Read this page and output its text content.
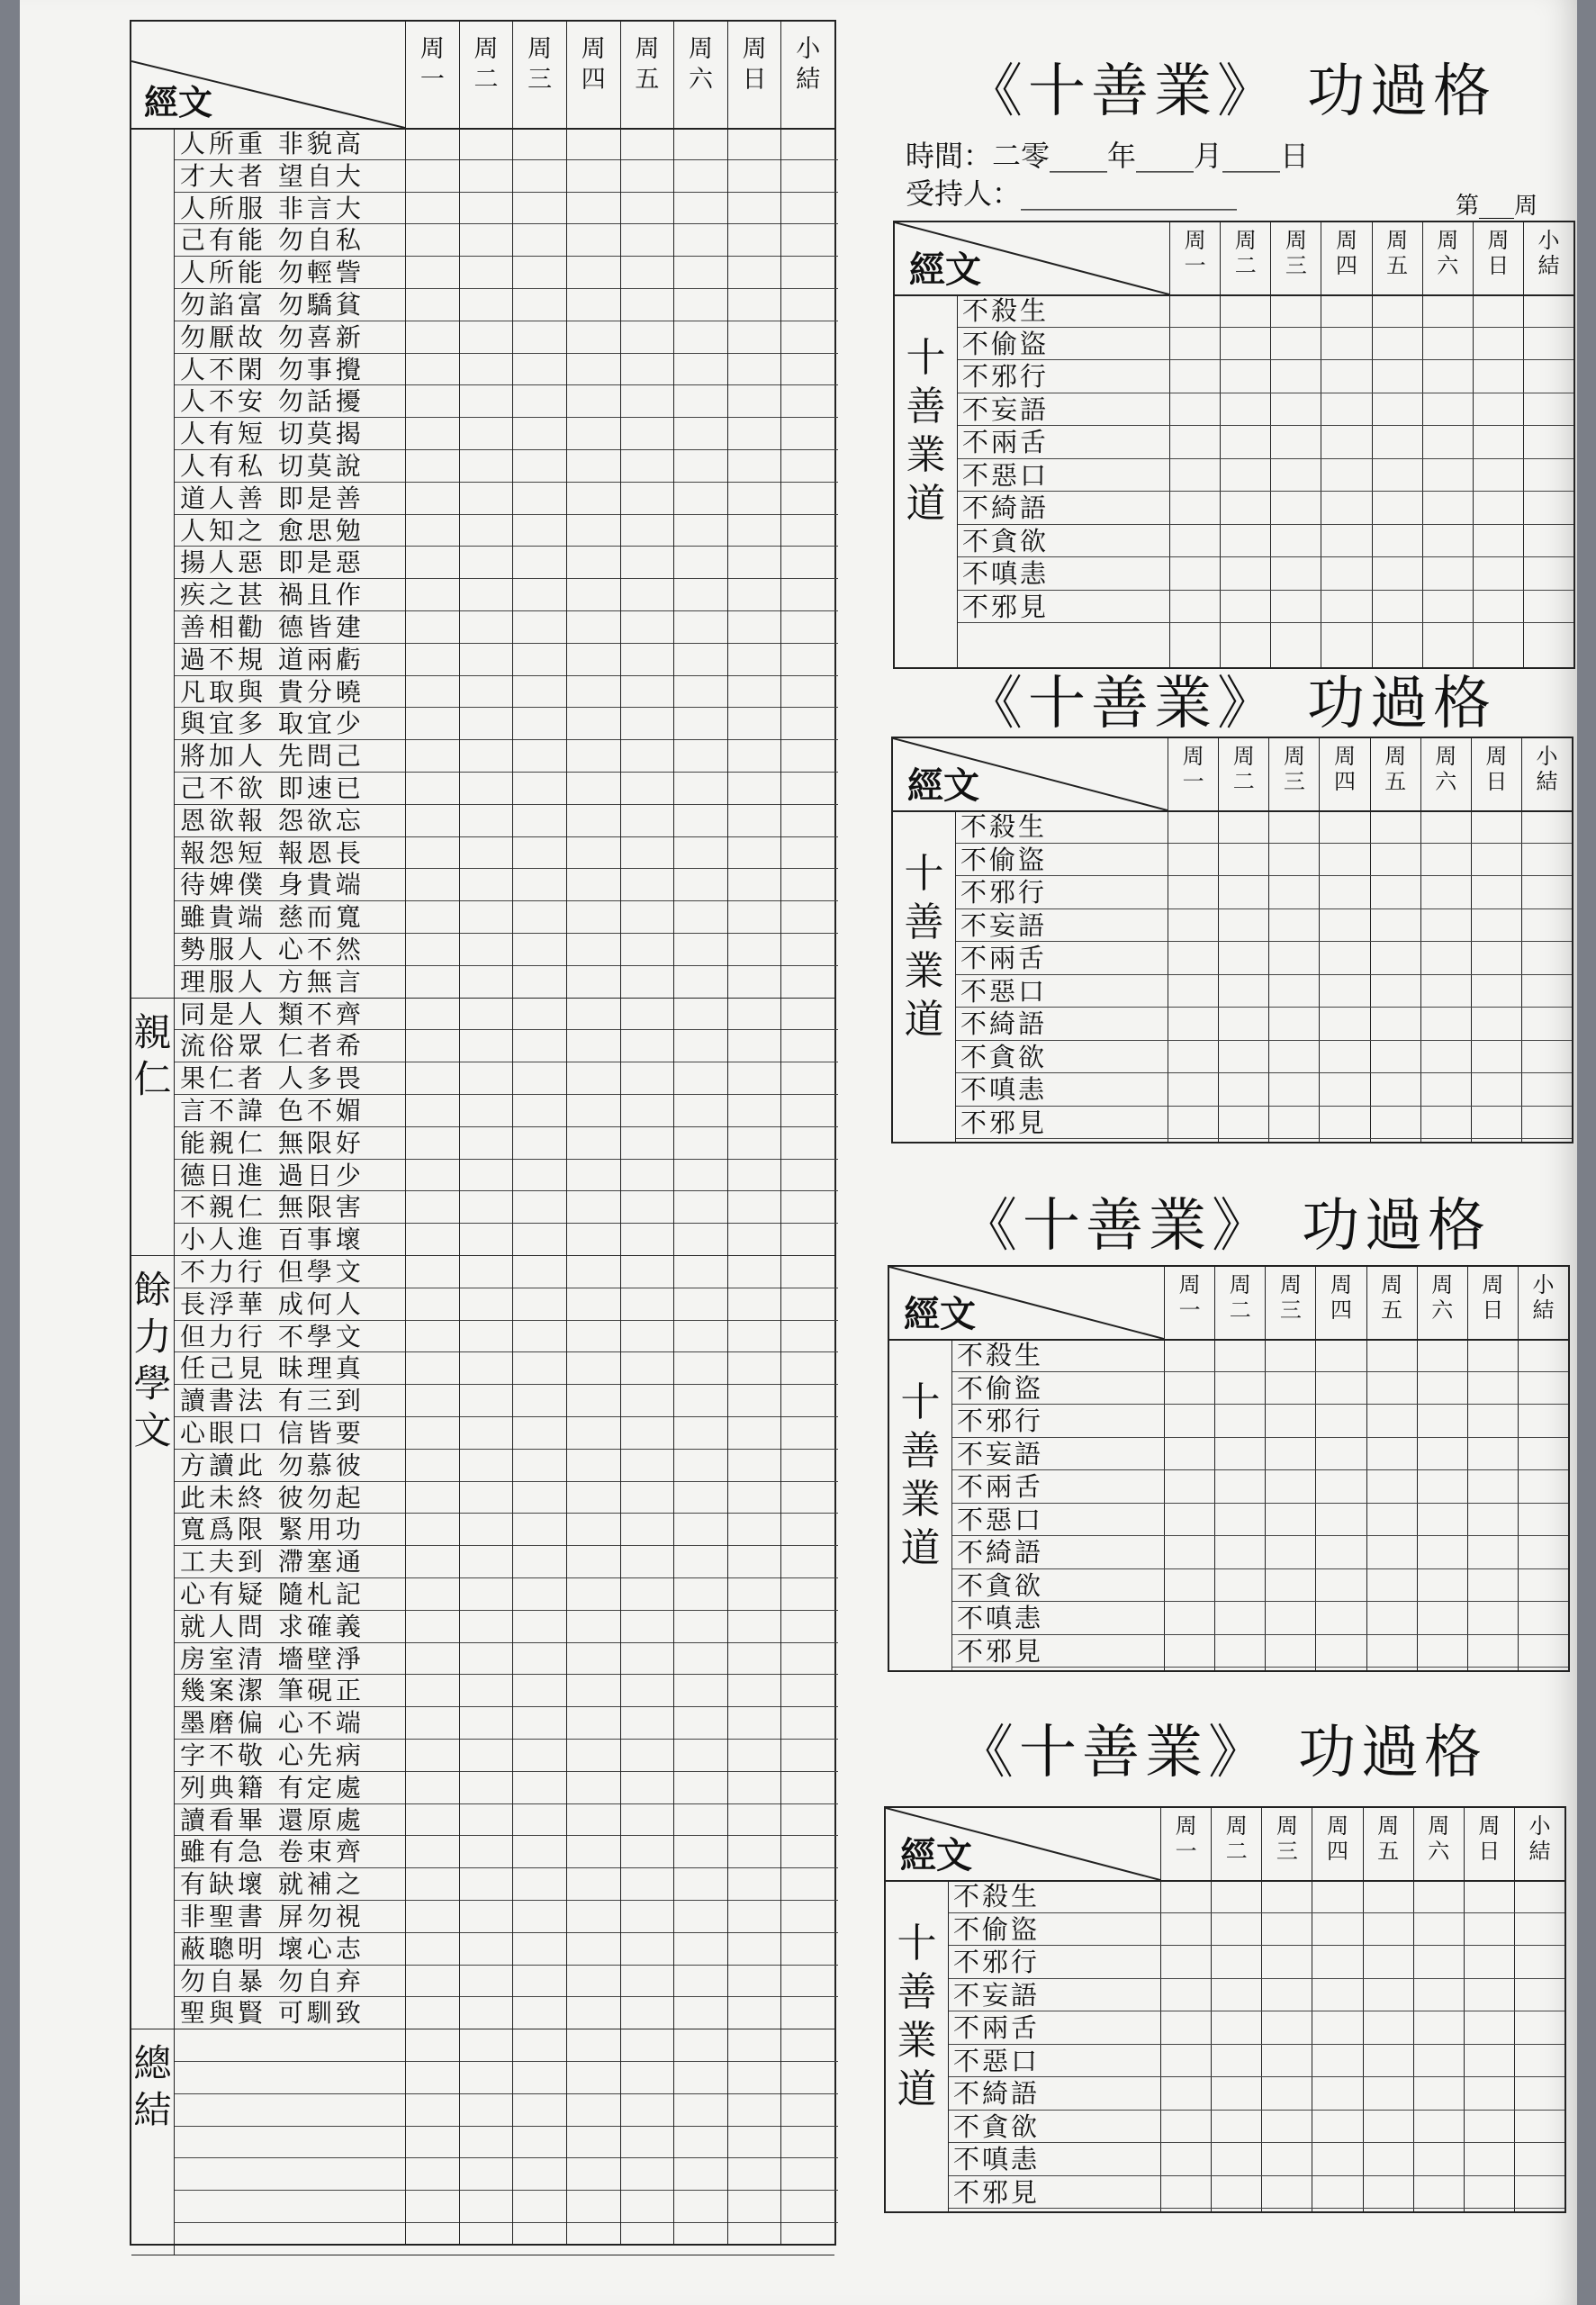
經文
周
一
周
二
周
三
周
四
周
五
周
六
周
日
小
結
人所重 非貌高
才大者 望自大
人所服 非言大
己有能 勿自私
人所能 勿輕訾
勿諂富 勿驕貧
勿厭故 勿喜新
人不閑 勿事攪
人不安 勿話擾
人有短 切莫揭
人有私 切莫說
道人善 即是善
人知之 愈思勉
揚人惡 即是惡
疾之甚 禍且作
善相勸 德皆建
過不規 道兩虧
凡取與 貴分曉
與宜多 取宜少
將加人 先問己
己不欲 即速已
恩欲報 怨欲忘
報怨短 報恩長
待婢僕 身貴端
雖貴端 慈而寬
勢服人 心不然
理服人 方無言
親
仁
同是人 類不齊
流俗眾 仁者希
果仁者 人多畏
言不諱 色不媚
能親仁 無限好
德日進 過日少
不親仁 無限害
小人進 百事壞
餘
力
學
文
不力行 但學文
長浮華 成何人
但力行 不學文
任己見 昧理真
讀書法 有三到
心眼口 信皆要
方讀此 勿慕彼
此未終 彼勿起
寬爲限 緊用功
工夫到 滯塞通
心有疑 隨札記
就人問 求確義
房室清 墻壁淨
幾案潔 筆硯正
墨磨偏 心不端
字不敬 心先病
列典籍 有定處
讀看畢 還原處
雖有急 卷束齊
有缺壞 就補之
非聖書 屏勿視
蔽聰明 壞心志
勿自暴 勿自弃
聖與賢 可馴致
總
結
《十善業》 功過格
時間：二零____年____月____日
受持人：_______________	第___周
經文
周
一
周
二
周
三
周
四
周
五
周
六
周
日
小
結
十
善
業
道
不殺生
不偷盜
不邪行
不妄語
不兩舌
不惡口
不綺語
不貪欲
不嗔恚
不邪見
《十善業》 功過格
經文
周
一
周
二
周
三
周
四
周
五
周
六
周
日
小
結
十
善
業
道
不殺生
不偷盜
不邪行
不妄語
不兩舌
不惡口
不綺語
不貪欲
不嗔恚
不邪見
《十善業》 功過格
經文
周
一
周
二
周
三
周
四
周
五
周
六
周
日
小
結
十
善
業
道
不殺生
不偷盜
不邪行
不妄語
不兩舌
不惡口
不綺語
不貪欲
不嗔恚
不邪見
《十善業》 功過格
經文
周
一
周
二
周
三
周
四
周
五
周
六
周
日
小
結
十
善
業
道
不殺生
不偷盜
不邪行
不妄語
不兩舌
不惡口
不綺語
不貪欲
不嗔恚
不邪見
